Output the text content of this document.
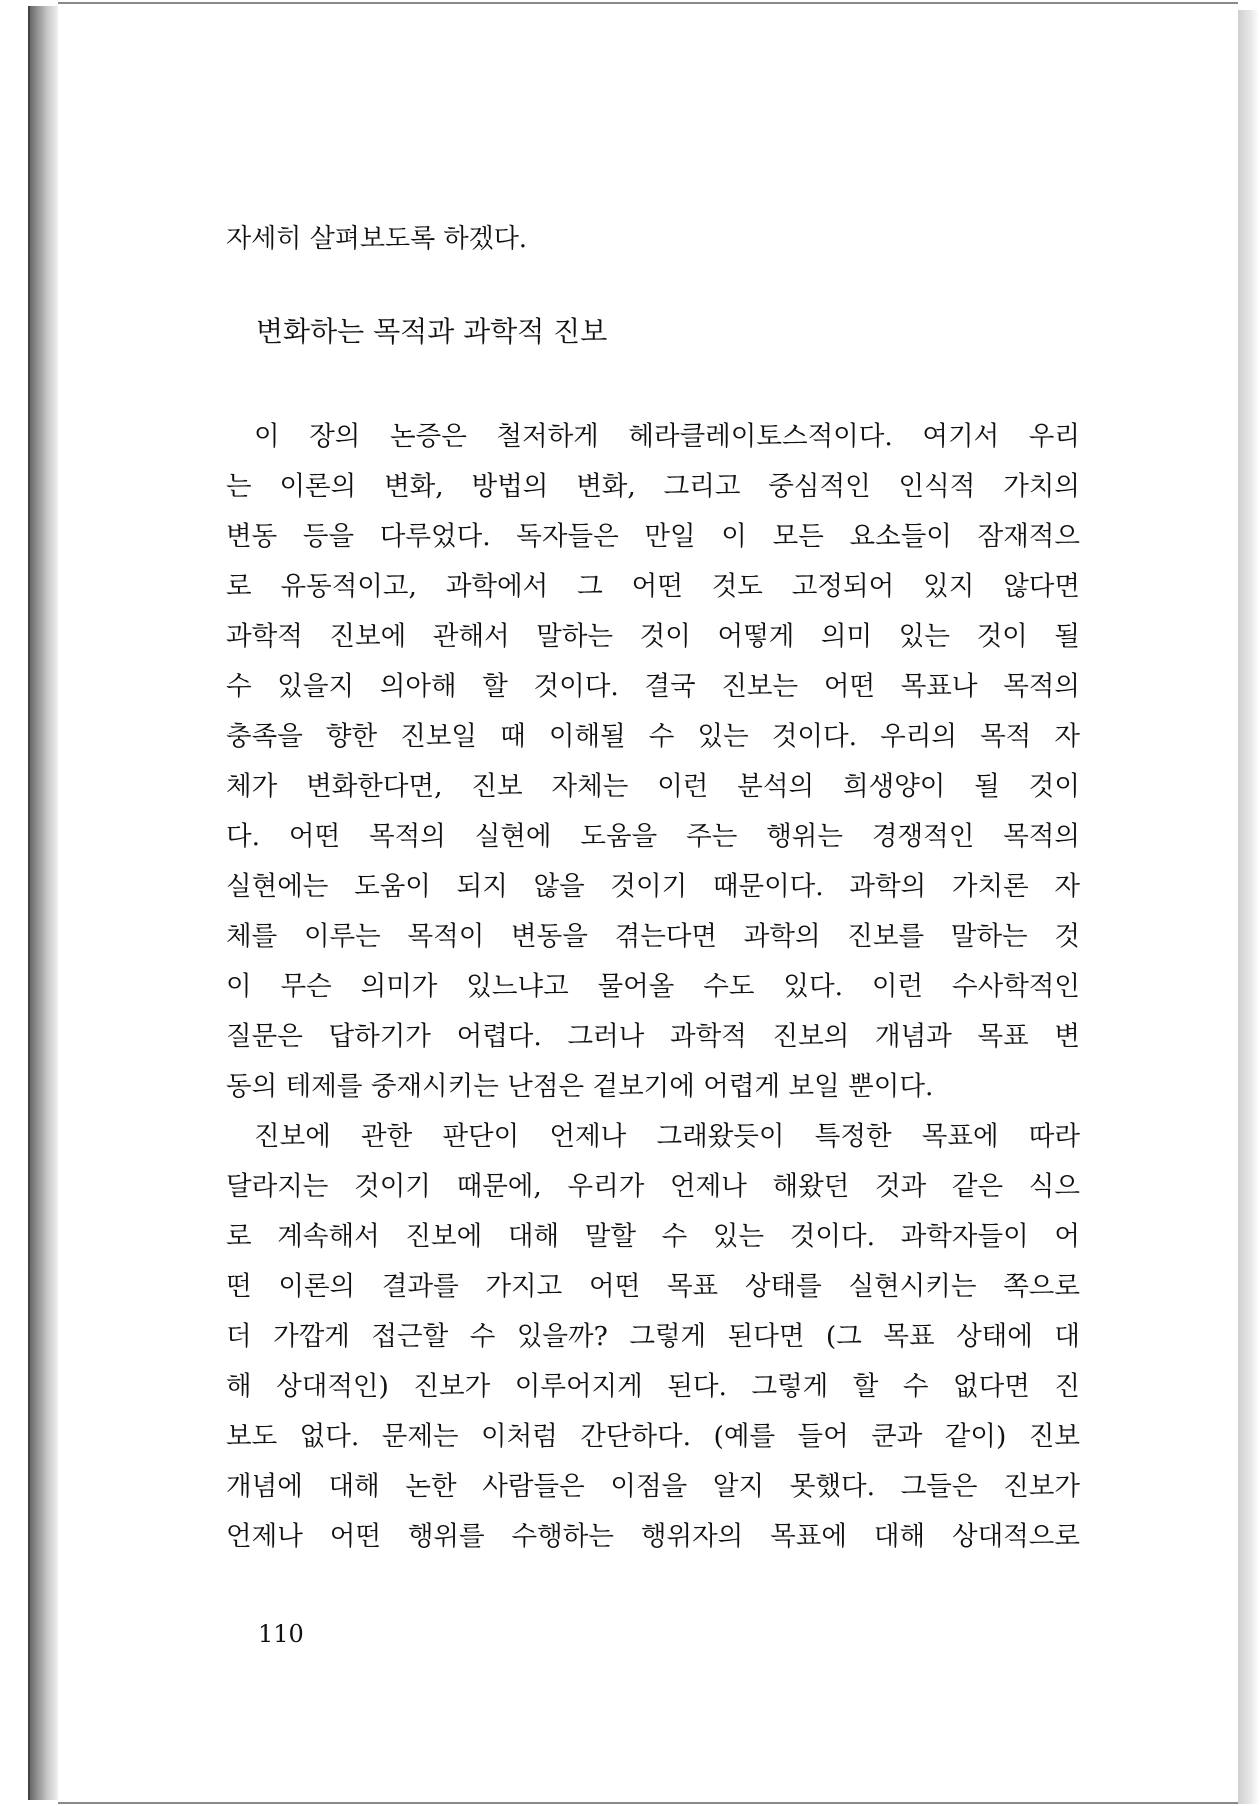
자세히 살펴보도록 하겠다.
변화하는 목적과 과학적 진보
이 장의 논증은 철저하게 헤라클레이토스적이다. 여기서 우리
는 이론의 변화, 방법의 변화, 그리고 중심적인 인식적 가치의
변동 등을 다루었다. 독자들은 만일 이 모든 요소들이 잠재적으
로 유동적이고, 과학에서 그 어떤 것도 고정되어 있지 않다면
과학적 진보에 관해서 말하는 것이 어떻게 의미 있는 것이 될
수 있을지 의아해 할 것이다. 결국 진보는 어떤 목표나 목적의
충족을 향한 진보일 때 이해될 수 있는 것이다. 우리의 목적 자
체가 변화한다면, 진보 자체는 이런 분석의 희생양이 될 것이
다. 어떤 목적의 실현에 도움을 주는 행위는 경쟁적인 목적의
실현에는 도움이 되지 않을 것이기 때문이다. 과학의 가치론 자
체를 이루는 목적이 변동을 겪는다면 과학의 진보를 말하는 것
이 무슨 의미가 있느냐고 물어올 수도 있다. 이런 수사학적인
질문은 답하기가 어렵다. 그러나 과학적 진보의 개념과 목표 변
동의 테제를 중재시키는 난점은 겉보기에 어렵게 보일 뿐이다.
진보에 관한 판단이 언제나 그래왔듯이 특정한 목표에 따라
달라지는 것이기 때문에, 우리가 언제나 해왔던 것과 같은 식으
로 계속해서 진보에 대해 말할 수 있는 것이다. 과학자들이 어
떤 이론의 결과를 가지고 어떤 목표 상태를 실현시키는 쪽으로
더 가깝게 접근할 수 있을까? 그렇게 된다면 (그 목표 상태에 대
해 상대적인) 진보가 이루어지게 된다. 그렇게 할 수 없다면 진
보도 없다. 문제는 이처럼 간단하다. (예를 들어 쿤과 같이) 진보
개념에 대해 논한 사람들은 이점을 알지 못했다. 그들은 진보가
언제나 어떤 행위를 수행하는 행위자의 목표에 대해 상대적으로
110
